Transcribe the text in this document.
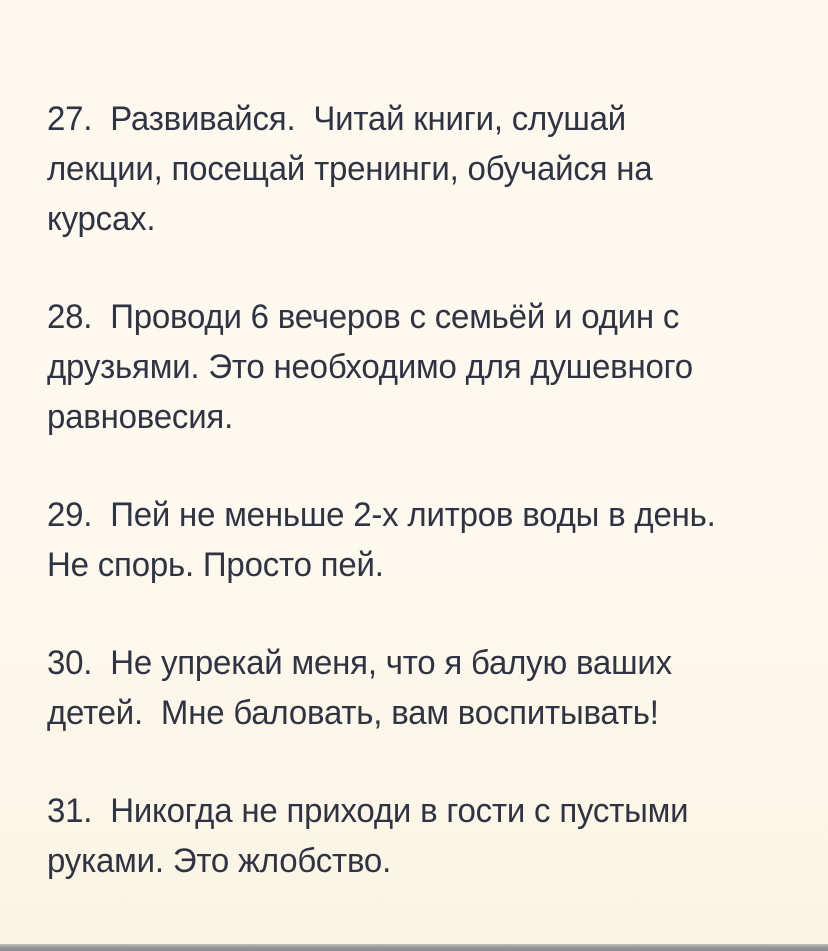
27.  Развивайся.  Читай книги, слушай
лекции, посещай тренинги, обучайся на
курсах.
28.  Проводи 6 вечеров с семьёй и один с
друзьями. Это необходимо для душевного
равновесия.
29.  Пей не меньше 2-х литров воды в день.
Не спорь. Просто пей.
30.  Не упрекай меня, что я балую ваших
детей.  Мне баловать, вам воспитывать!
31.  Никогда не приходи в гости с пустыми
руками. Это жлобство.
